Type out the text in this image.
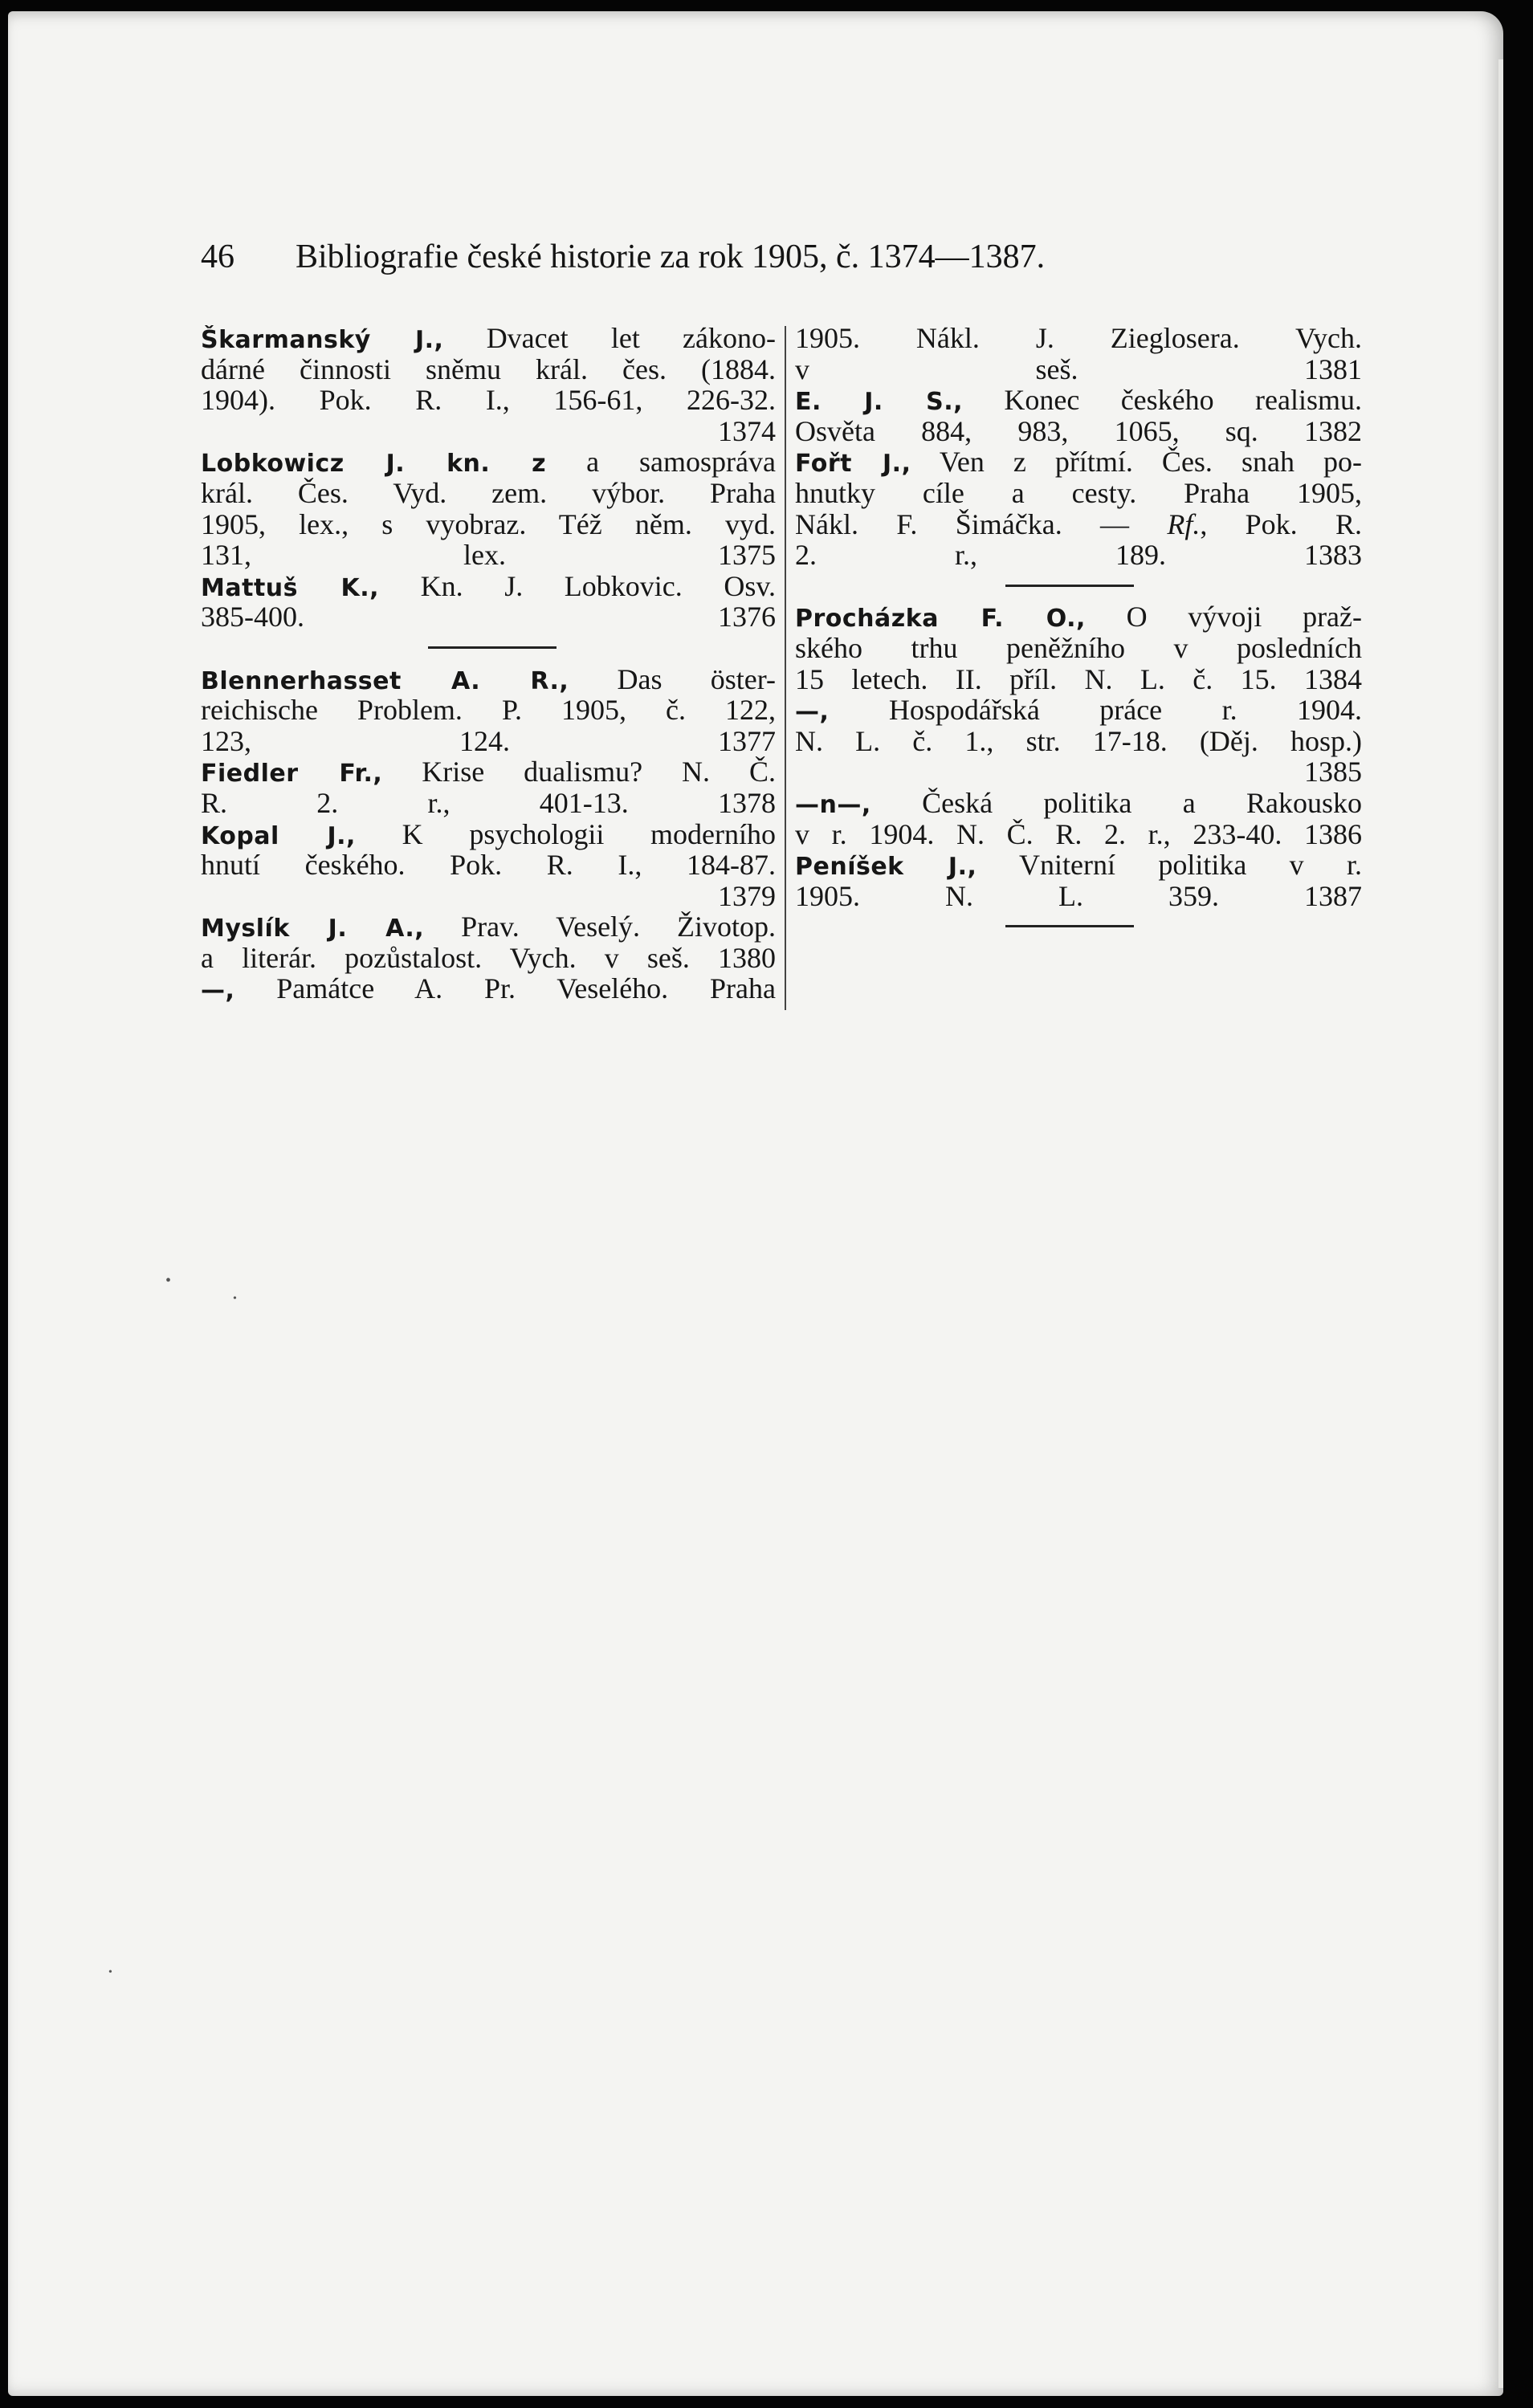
46 Bibliografie české historie za rok 1905, č. 1374—1387.
Škarmanský J., Dvacet let zákono-
dárné činnosti sněmu král. čes. (1884.
1904). Pok. R. I., 156-61, 226-32.
1374
Lobkowicz J. kn. z a samospráva
král. Čes. Vyd. zem. výbor. Praha
1905, lex., s vyobraz. Též něm. vyd.
131, lex.	1375
Mattuš K., Kn. J. Lobkovic. Osv.
385-400.	1376
Blennerhasset A. R., Das öster-
reichische Problem. P. 1905, č. 122,
123, 124.	1377
Fiedler Fr., Krise dualismu? N. Č.
R. 2. r., 401-13.	1378
Kopal J., K psychologii moderního
hnutí českého. Pok. R. I., 184-87.
1379
Myslík J. A., Prav. Veselý. Životop.
a literár. pozůstalost. Vych. v seš. 1380
—, Památce A. Pr. Veselého. Praha
1905. Nákl. J. Zieglosera. Vych.
v seš.	1381
E. J. S., Konec českého realismu.
Osvěta 884, 983, 1065, sq. 1382
Fořt J., Ven z přítmí. Čes. snah po-
hnutky cíle a cesty. Praha 1905,
Nákl. F. Šimáčka. — Rf., Pok. R.
2. r., 189.	1383
Procházka F. O., O vývoji praž-
ského trhu peněžního v posledních
15 letech. II. příl. N. L. č. 15. 1384
—, Hospodářská práce r. 1904.
N. L. č. 1., str. 17-18. (Děj. hosp.)
1385
—n—, Česká politika a Rakousko
v r. 1904. N. Č. R. 2. r., 233-40. 1386
Peníšek J., Vniterní politika v r.
1905. N. L. 359.	1387
•
•
•
